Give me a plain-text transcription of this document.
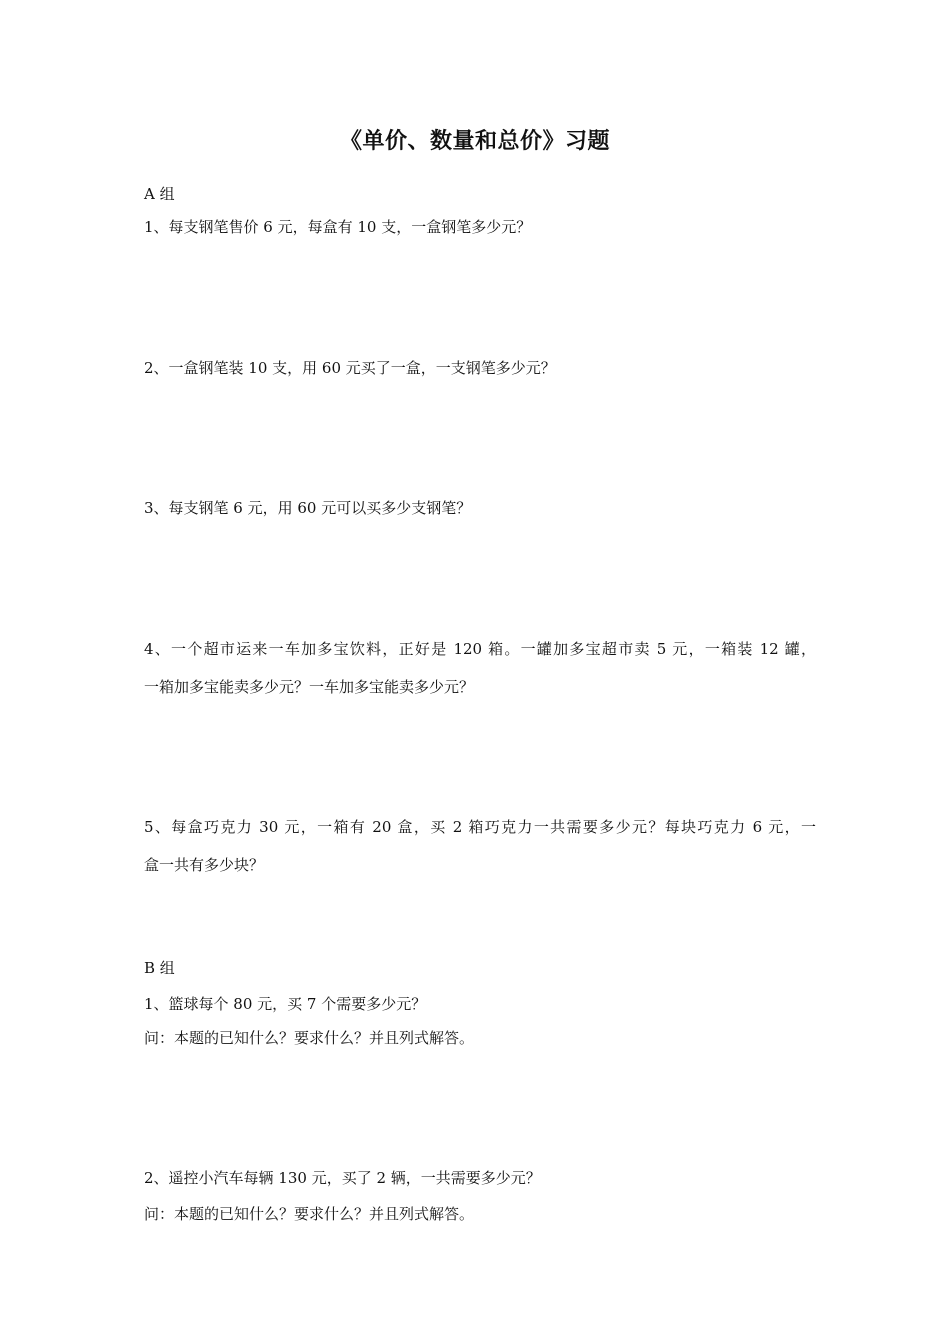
《单价、数量和总价》习题
A 组
1、每支钢笔售价 6 元，每盒有 10 支，一盒钢笔多少元？
2、一盒钢笔装 10 支，用 60 元买了一盒，一支钢笔多少元？
3、每支钢笔 6 元，用 60 元可以买多少支钢笔？
4、一个超市运来一车加多宝饮料，正好是 120 箱。一罐加多宝超市卖 5 元，一箱装 12 罐，
一箱加多宝能卖多少元？一车加多宝能卖多少元？
5、每盒巧克力 30 元，一箱有 20 盒，买 2 箱巧克力一共需要多少元？每块巧克力 6 元，一
盒一共有多少块？
B 组
1、篮球每个 80 元，买 7 个需要多少元？
问：本题的已知什么？要求什么？并且列式解答。
2、遥控小汽车每辆 130 元，买了 2 辆，一共需要多少元？
问：本题的已知什么？要求什么？并且列式解答。
